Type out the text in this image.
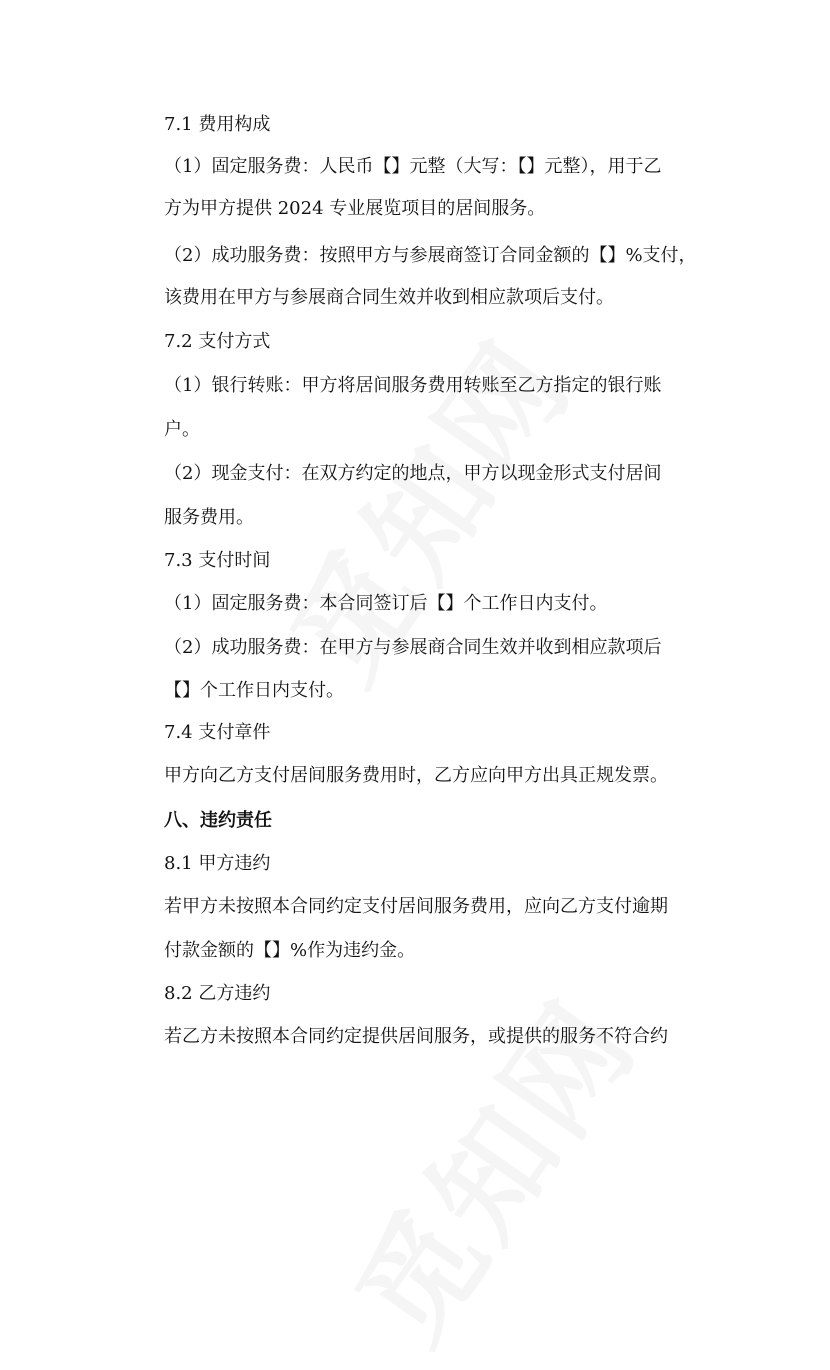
7.1 费用构成
（1）固定服务费：人民币【】元整（大写：【】元整），用于乙
方为甲方提供 2024 专业展览项目的居间服务。
（2）成功服务费：按照甲方与参展商签订合同金额的【】%支付，
该费用在甲方与参展商合同生效并收到相应款项后支付。
7.2 支付方式
（1）银行转账：甲方将居间服务费用转账至乙方指定的银行账
户。
（2）现金支付：在双方约定的地点，甲方以现金形式支付居间
服务费用。
7.3 支付时间
（1）固定服务费：本合同签订后【】个工作日内支付。
（2）成功服务费：在甲方与参展商合同生效并收到相应款项后
【】个工作日内支付。
7.4 支付章件
甲方向乙方支付居间服务费用时，乙方应向甲方出具正规发票。
八、违约责任
8.1 甲方违约
若甲方未按照本合同约定支付居间服务费用，应向乙方支付逾期
付款金额的【】%作为违约金。
8.2 乙方违约
若乙方未按照本合同约定提供居间服务，或提供的服务不符合约
